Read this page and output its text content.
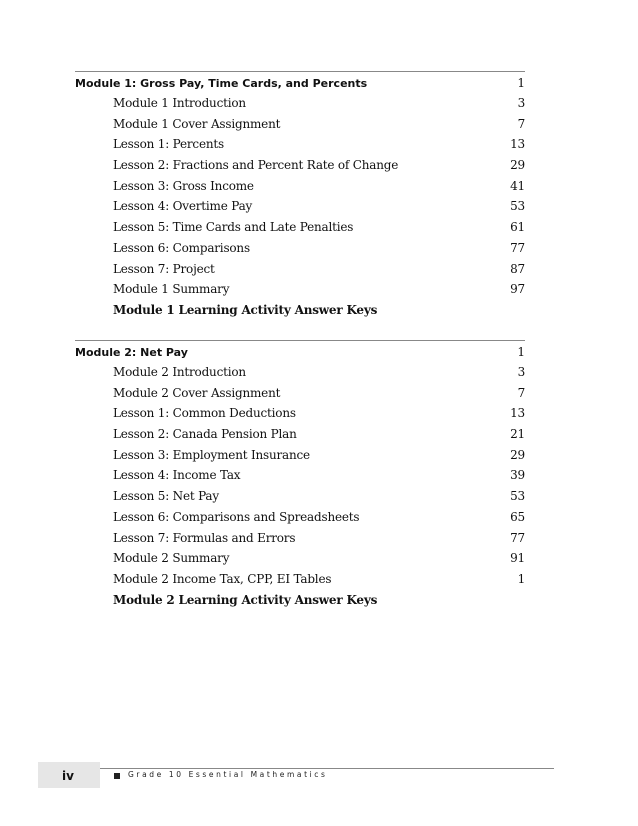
Module 1: Gross Pay, Time Cards, and Percents	1
Module 1 Introduction	3
Module 1 Cover Assignment	7
Lesson 1: Percents	13
Lesson 2: Fractions and Percent Rate of Change	29
Lesson 3: Gross Income	41
Lesson 4: Overtime Pay	53
Lesson 5: Time Cards and Late Penalties	61
Lesson 6: Comparisons	77
Lesson 7: Project	87
Module 1 Summary	97
Module 1 Learning Activity Answer Keys
Module 2: Net Pay	1
Module 2 Introduction	3
Module 2 Cover Assignment	7
Lesson 1: Common Deductions	13
Lesson 2: Canada Pension Plan	21
Lesson 3: Employment Insurance	29
Lesson 4: Income Tax	39
Lesson 5: Net Pay	53
Lesson 6: Comparisons and Spreadsheets	65
Lesson 7: Formulas and Errors	77
Module 2 Summary	91
Module 2 Income Tax, CPP, EI Tables	1
Module 2 Learning Activity Answer Keys
iv	Grade 10 Essential Mathematics
